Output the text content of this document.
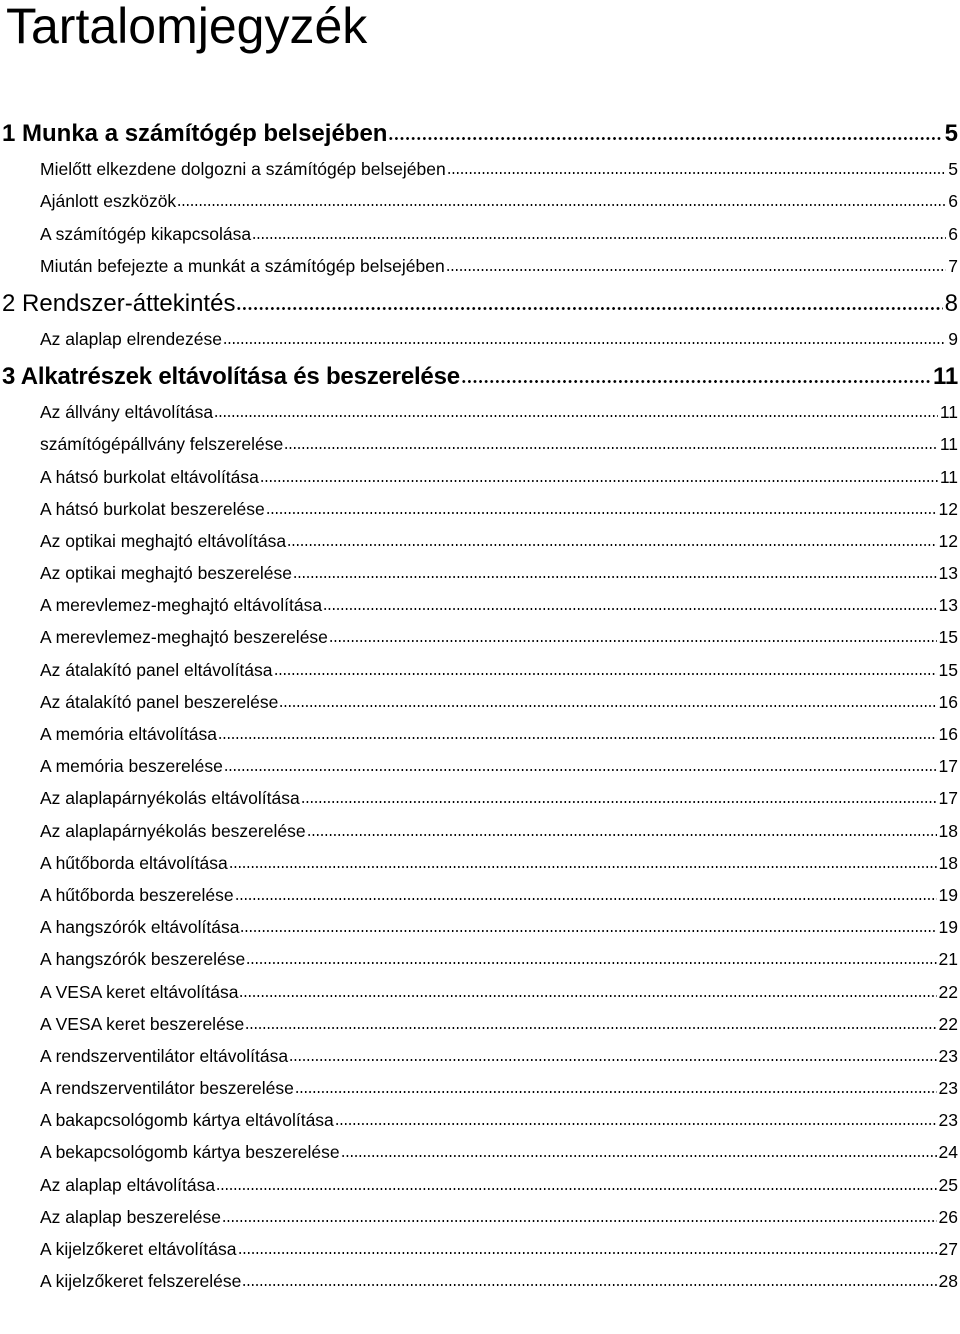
Tartalomjegyzék
1 Munka a számítógép belsejében	5
Mielőtt elkezdene dolgozni a számítógép belsejében	5
Ajánlott eszközök	6
A számítógép kikapcsolása	6
Miután befejezte a munkát a számítógép belsejében	7
2 Rendszer-áttekintés	8
Az alaplap elrendezése	9
3 Alkatrészek eltávolítása és beszerelése	11
Az állvány eltávolítása	11
számítógépállvány felszerelése	11
A hátsó burkolat eltávolítása	11
A hátsó burkolat beszerelése	12
Az optikai meghajtó eltávolítása	12
Az optikai meghajtó beszerelése	13
A merevlemez-meghajtó eltávolítása	13
A merevlemez-meghajtó beszerelése	15
Az átalakító panel eltávolítása	15
Az átalakító panel beszerelése	16
A memória eltávolítása	16
A memória beszerelése	17
Az alaplapárnyékolás eltávolítása	17
Az alaplapárnyékolás beszerelése	18
A hűtőborda eltávolítása	18
A hűtőborda beszerelése	19
A hangszórók eltávolítása	19
A hangszórók beszerelése	21
A VESA keret eltávolítása	22
A VESA keret beszerelése	22
A rendszerventilátor eltávolítása	23
A rendszerventilátor beszerelése	23
A bakapcsológomb kártya eltávolítása	23
A bekapcsológomb kártya beszerelése	24
Az alaplap eltávolítása	25
Az alaplap beszerelése	26
A kijelzőkeret eltávolítása	27
A kijelzőkeret felszerelése	28
